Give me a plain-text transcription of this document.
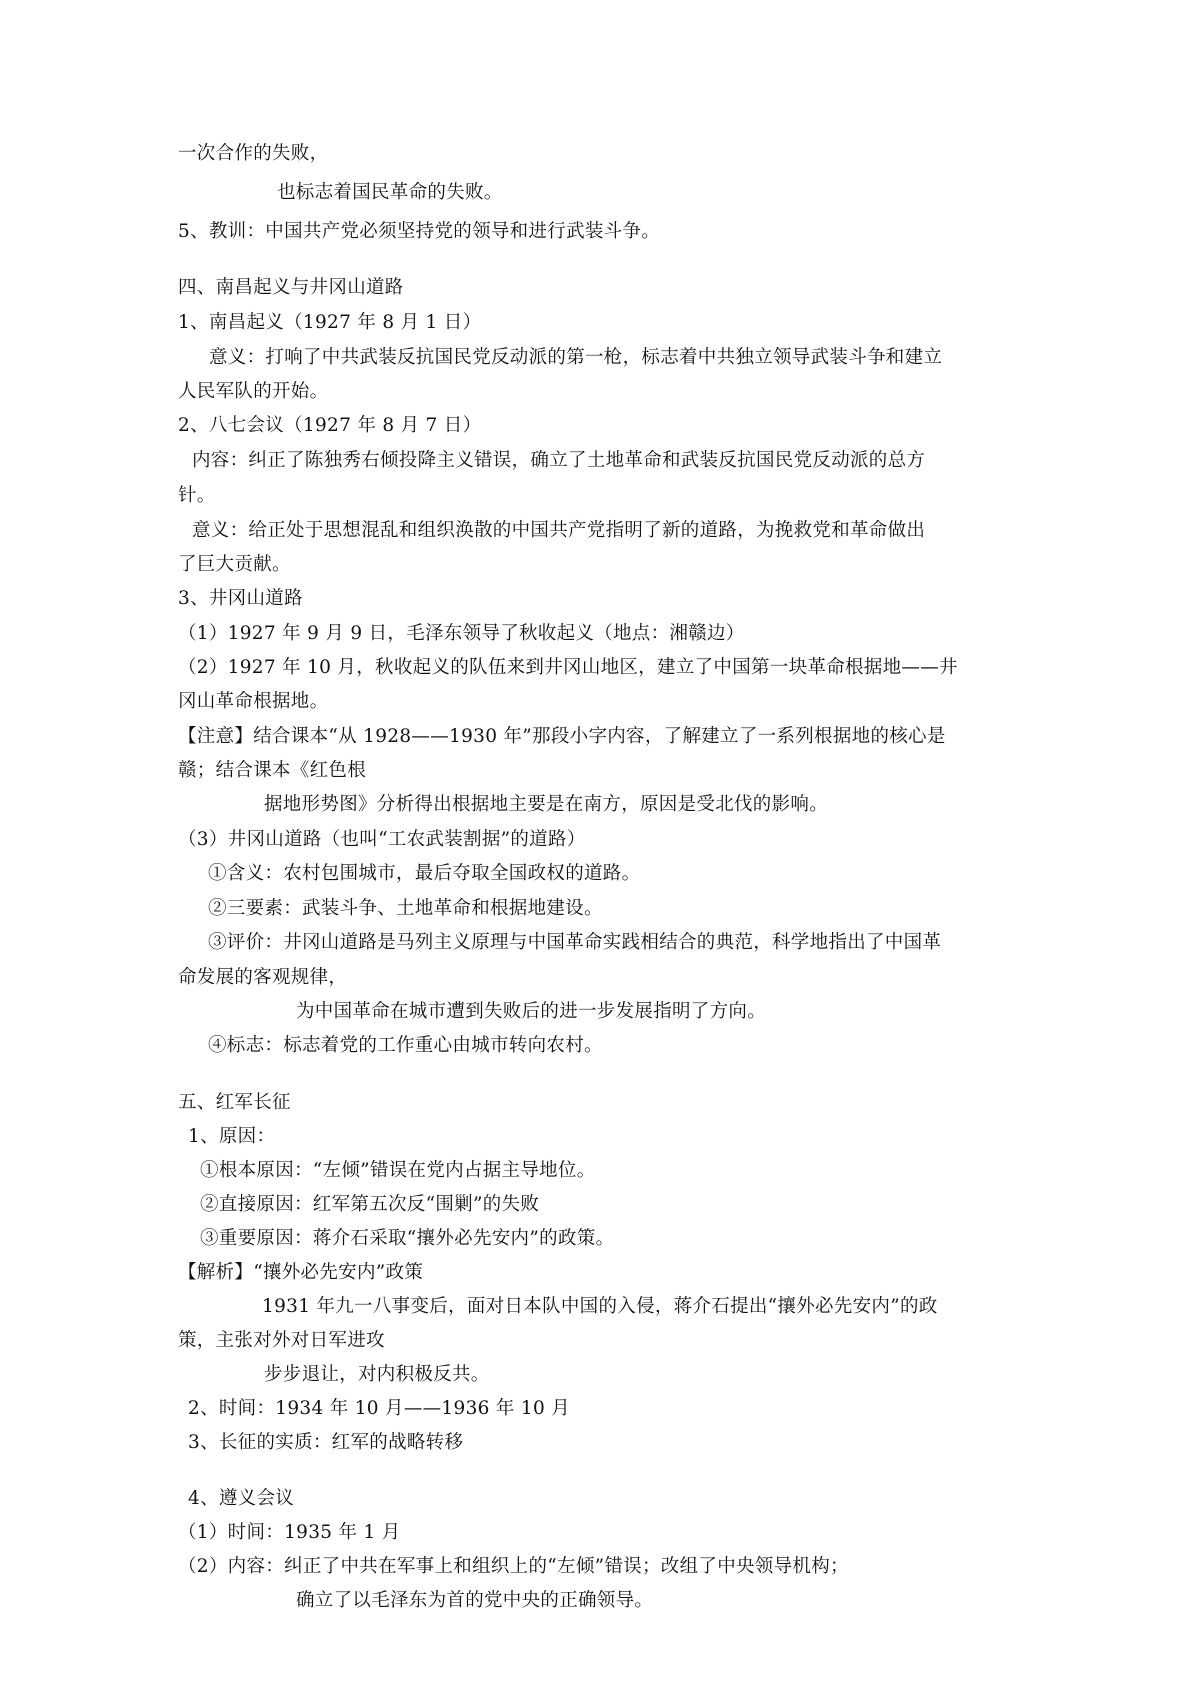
一次合作的失败，
也标志着国民革命的失败。
5、教训：中国共产党必须坚持党的领导和进行武装斗争。
四、南昌起义与井冈山道路
1、南昌起义（1927 年 8 月 1 日）
意义：打响了中共武装反抗国民党反动派的第一枪，标志着中共独立领导武装斗争和建立
人民军队的开始。
2、八七会议（1927 年 8 月 7 日）
内容：纠正了陈独秀右倾投降主义错误，确立了土地革命和武装反抗国民党反动派的总方
针。
意义：给正处于思想混乱和组织涣散的中国共产党指明了新的道路，为挽救党和革命做出
了巨大贡献。
3、井冈山道路
（1）1927 年 9 月 9 日，毛泽东领导了秋收起义（地点：湘赣边）
（2）1927 年 10 月，秋收起义的队伍来到井冈山地区，建立了中国第一块革命根据地——井
冈山革命根据地。
【注意】结合课本“从 1928——1930 年”那段小字内容，了解建立了一系列根据地的核心是
赣；结合课本《红色根
据地形势图》分析得出根据地主要是在南方，原因是受北伐的影响。
（3）井冈山道路（也叫“工农武装割据”的道路）
①含义：农村包围城市，最后夺取全国政权的道路。
②三要素：武装斗争、土地革命和根据地建设。
③评价：井冈山道路是马列主义原理与中国革命实践相结合的典范，科学地指出了中国革
命发展的客观规律，
为中国革命在城市遭到失败后的进一步发展指明了方向。
④标志：标志着党的工作重心由城市转向农村。
五、红军长征
1、原因：
①根本原因：“左倾”错误在党内占据主导地位。
②直接原因：红军第五次反“围剿”的失败
③重要原因：蒋介石采取“攘外必先安内”的政策。
【解析】“攘外必先安内”政策
1931 年九一八事变后，面对日本队中国的入侵，蒋介石提出“攘外必先安内”的政
策，主张对外对日军进攻
步步退让，对内积极反共。
2、时间：1934 年 10 月——1936 年 10 月
3、长征的实质：红军的战略转移
4、遵义会议
（1）时间：1935 年 1 月
（2）内容：纠正了中共在军事上和组织上的“左倾”错误；改组了中央领导机构；
确立了以毛泽东为首的党中央的正确领导。
